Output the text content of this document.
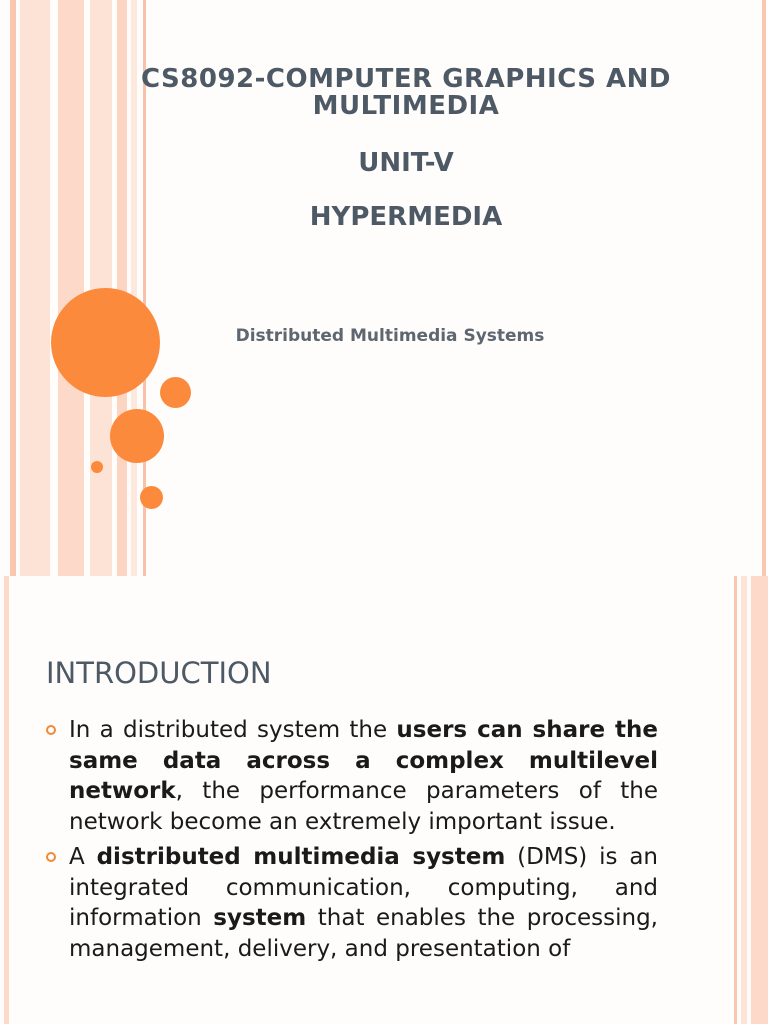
CS8092-COMPUTER GRAPHICS AND
MULTIMEDIA
UNIT-V
HYPERMEDIA
Distributed Multimedia Systems
INTRODUCTION
In a distributed system the users can share the same data across a complex multilevel network, the performance parameters of the network become an extremely important issue.
A distributed multimedia system (DMS) is an integrated communication, computing, and information system that enables the processing, management, delivery, and presentation of
